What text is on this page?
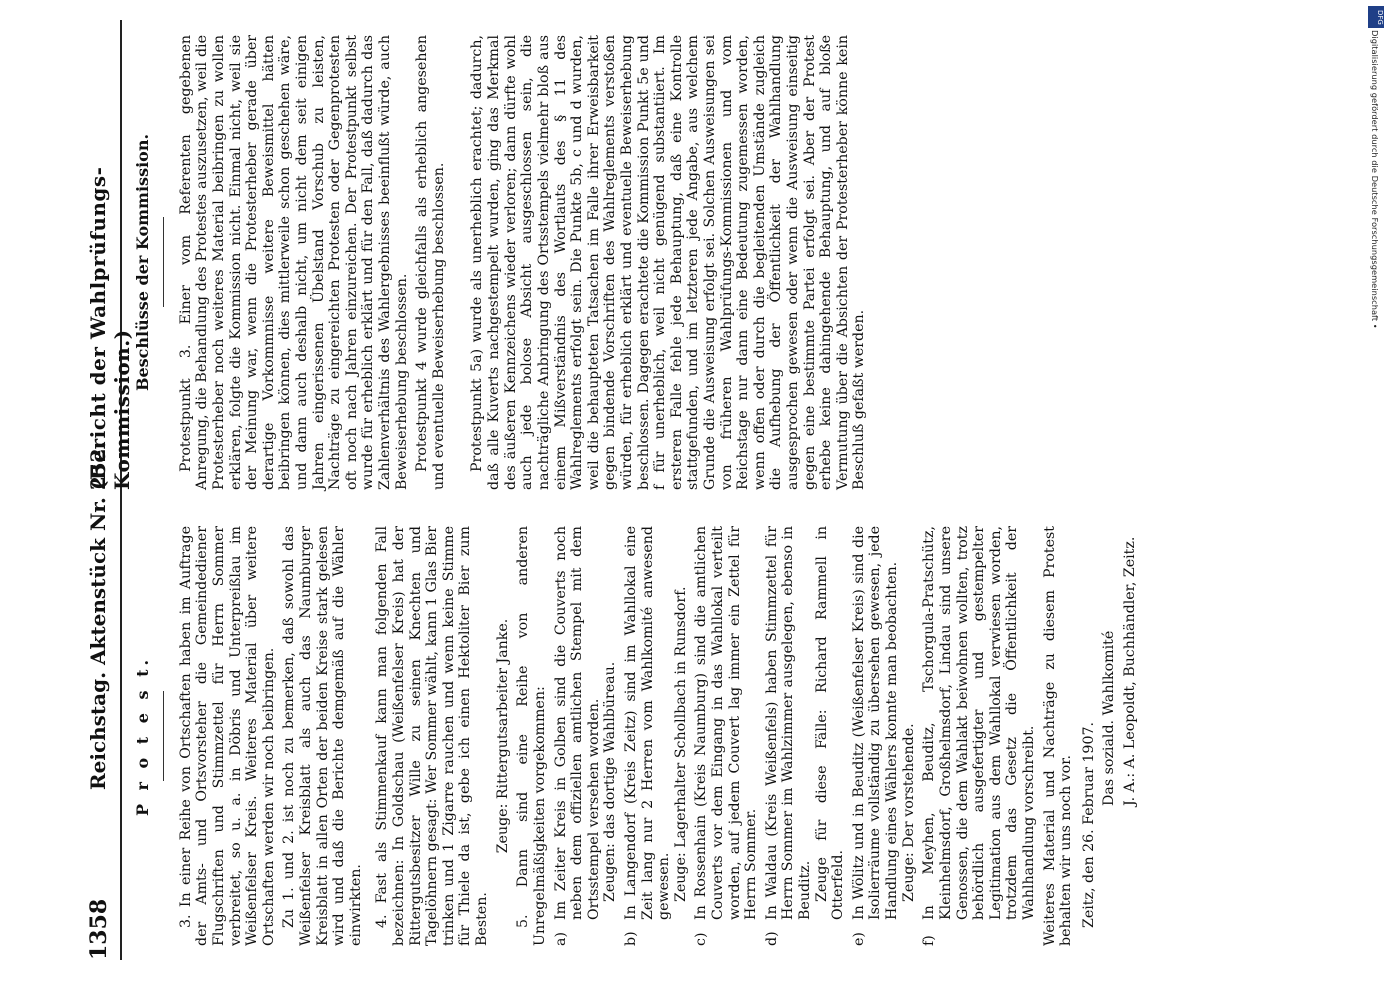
1358
Reichstag. Aktenstück Nr. 252.
(Bericht der Wahlprüfungs-Kommission.)
P r o t e s t. 3. In einer Reihe von Ortschaften haben im Auftrage der Amts- und Ortsvorsteher die Gemeindediener Flugschriften und Stimmzettel für Herrn Sommer verbreitet, so u. a. in Döbris und Unterpreißlau im Weißenfelser Kreis. Weiteres Material über weitere Ortschaften werden wir noch beibringen. Zu 1. und 2. ist noch zu bemerken, daß sowohl das Weißenfelser Kreisblatt als auch das Naumburger Kreisblatt in allen Orten der beiden Kreise stark gelesen wird und daß die Berichte demgemäß auf die Wähler einwirkten. 4. Fast als Stimmenkauf kann man folgenden Fall bezeichnen: In Goldschau (Weißenfelser Kreis) hat der Rittergutsbesitzer Wille zu seinen Knechten und Tagelöhnern gesagt: Wer Sommer wählt, kann 1 Glas Bier trinken und 1 Zigarre rauchen und wenn keine Stimme für Thiele da ist, gebe ich einen Hektoliter Bier zum Besten.

Zeuge: Rittergutsarbeiter Janke. 5. Dann sind eine Reihe von anderen Unregelmäßigkeiten vorgekommen: a)
Im Zeiter Kreis in Golben sind die Couverts noch neben dem offiziellen amtlichen Stempel mit dem Ortsstempel versehen worden. Zeugen: das dortige Wahlbüreau.
b)
In Langendorf (Kreis Zeitz) sind im Wahllokal eine Zeit lang nur 2 Herren vom Wahlkomité anwesend gewesen. Zeuge: Lagerhalter Schollbach in Runsdorf.
c)
In Rossenhain (Kreis Naumburg) sind die amtlichen Couverts vor dem Eingang in das Wahllokal verteilt worden, auf jedem Couvert lag immer ein Zettel für Herrn Sommer.
d)
In Waldau (Kreis Weißenfels) haben Stimmzettel für Herrn Sommer im Wahlzimmer ausgelegen, ebenso in Beuditz. Zeuge für diese Fälle: Richard Rammell in Otterfeld.
e)
In Wölitz und in Beuditz (Weißenfelser Kreis) sind die Isolierräume vollständig zu übersehen gewesen, jede Handlung eines Wählers konnte man beobachten. Zeuge: Der vorstehende.
f)
In Meyhen, Beuditz, Tschorgula-Pratschütz, Kleinhelmsdorf, Großhelmsdorf, Lindau sind unsere Genossen, die dem Wahlakt beiwohnen wollten, trotz behördlich ausgefertigter und gestempelter Legitimation aus dem Wahllokal verwiesen worden, trotzdem das Gesetz die Öffentlichkeit der Wahlhandlung vorschreibt. Weiteres Material und Nachträge zu diesem Protest behalten wir uns noch vor. Zeitz, den 26. Februar 1907.

Das soziald. Wahlkomité J. A.: A. Leopoldt, Buchhändler, Zeitz.

Beschlüsse der Kommission. Protestpunkt 3. Einer vom Referenten gegebenen Anregung, die Behandlung des Protestes auszusetzen, weil die Protesterheber noch weiteres Material beibringen zu wollen erklären, folgte die Kommission nicht. Einmal nicht, weil sie der Meinung war, wenn die Protesterheber gerade über derartige Vorkommnisse weitere Beweismittel hätten beibringen können, dies mittlerweile schon geschehen wäre, und dann auch deshalb nicht, um nicht dem seit einigen Jahren eingerissenen Übelstand Vorschub zu leisten, Nachträge zu eingereichten Protesten oder Gegenprotesten oft noch nach Jahren einzureichen. Der Protestpunkt selbst wurde für erheblich erklärt und für den Fall, daß dadurch das Zahlenverhältnis des Wahlergebnisses beeinflußt würde, auch Beweiserhebung beschlossen. Protestpunkt 4 wurde gleichfalls als erheblich angesehen und eventuelle Beweiserhebung beschlossen. Protestpunkt 5a) wurde als unerheblich erachtet; dadurch, daß alle Kuverts nachgestempelt wurden, ging das Merkmal des äußeren Kennzeichens wieder verloren; dann dürfte wohl auch jede bolose Absicht ausgeschlossen sein, die nachträgliche Anbringung des Ortsstempels vielmehr bloß aus einem Mißverständnis des Wortlauts des § 11 des Wahlreglements erfolgt sein. Die Punkte 5b, c und d wurden, weil die behaupteten Tatsachen im Falle ihrer Erweisbarkeit gegen bindende Vorschriften des Wahlreglements verstoßen würden, für erheblich erklärt und eventuelle Beweiserhebung beschlossen. Dagegen erachtete die Kommission Punkt 5e und f für unerheblich, weil nicht genügend substantiiert. Im ersteren Falle fehle jede Behauptung, daß eine Kontrolle stattgefunden, und im letzteren jede Angabe, aus welchem Grunde die Ausweisung erfolgt sei. Solchen Ausweisungen sei von früheren Wahlprüfungs-Kommissionen und vom Reichstage nur dann eine Bedeutung zugemessen worden, wenn offen oder durch die begleitenden Umstände zugleich die Aufhebung der Öffentlichkeit der Wahlhandlung ausgesprochen gewesen oder wenn die Ausweisung einseitig gegen eine bestimmte Partei erfolgt sei. Aber der Protest erhebe keine dahingehende Behauptung, und auf bloße Vermutung über die Absichten der Protesterheber könne kein Beschluß gefaßt werden.

DFG
Digitalisierung gefördert durch die Deutsche Forschungsgemeinschaft •
